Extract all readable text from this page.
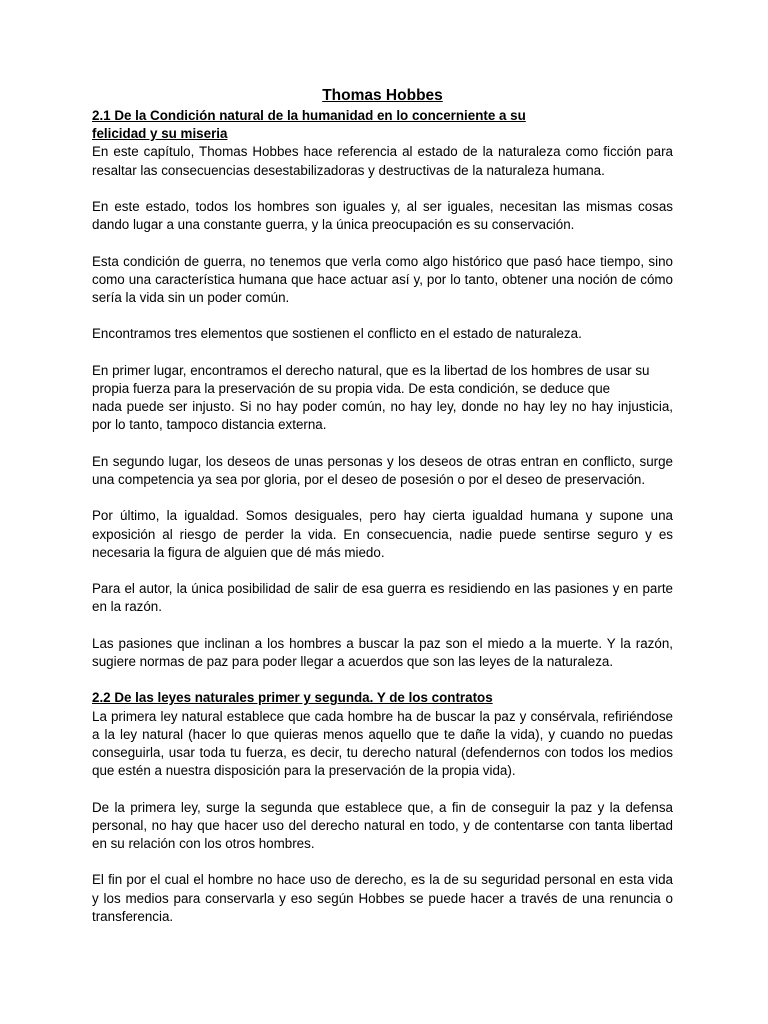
Thomas Hobbes
2.1 De la Condición natural de la humanidad en lo concerniente a su felicidad y su miseria

En este capítulo, Thomas Hobbes hace referencia al estado de la naturaleza como ficción para resaltar las consecuencias desestabilizadoras y destructivas de la naturaleza humana.

En este estado, todos los hombres son iguales y, al ser iguales, necesitan las mismas cosas dando lugar a una constante guerra, y la única preocupación es su conservación.

Esta condición de guerra, no tenemos que verla como algo histórico que pasó hace tiempo, sino como una característica humana que hace actuar así y, por lo tanto, obtener una noción de cómo sería la vida sin un poder común.

Encontramos tres elementos que sostienen el conflicto en el estado de naturaleza.

En primer lugar, encontramos el derecho natural, que es la libertad de los hombres de usar su propia fuerza para la preservación de su propia vida. De esta condición, se deduce que

nada puede ser injusto. Si no hay poder común, no hay ley, donde no hay ley no hay injusticia, por lo tanto, tampoco distancia externa.

En segundo lugar, los deseos de unas personas y los deseos de otras entran en conflicto, surge una competencia ya sea por gloria, por el deseo de posesión o por el deseo de preservación.

Por último, la igualdad. Somos desiguales, pero hay cierta igualdad humana y supone una exposición al riesgo de perder la vida. En consecuencia, nadie puede sentirse seguro y es necesaria la figura de alguien que dé más miedo.

Para el autor, la única posibilidad de salir de esa guerra es residiendo en las pasiones y en parte en la razón.

Las pasiones que inclinan a los hombres a buscar la paz son el miedo a la muerte. Y la razón, sugiere normas de paz para poder llegar a acuerdos que son las leyes de la naturaleza.

2.2 De las leyes naturales primer y segunda. Y de los contratos

La primera ley natural establece que cada hombre ha de buscar la paz y consérvala, refiriéndose a la ley natural (hacer lo que quieras menos aquello que te dañe la vida), y cuando no puedas conseguirla, usar toda tu fuerza, es decir, tu derecho natural (defendernos con todos los medios que estén a nuestra disposición para la preservación de la propia vida).

De la primera ley, surge la segunda que establece que, a fin de conseguir la paz y la defensa personal, no hay que hacer uso del derecho natural en todo, y de contentarse con tanta libertad en su relación con los otros hombres.

El fin por el cual el hombre no hace uso de derecho, es la de su seguridad personal en esta vida y los medios para conservarla y eso según Hobbes se puede hacer a través de una renuncia o transferencia.
